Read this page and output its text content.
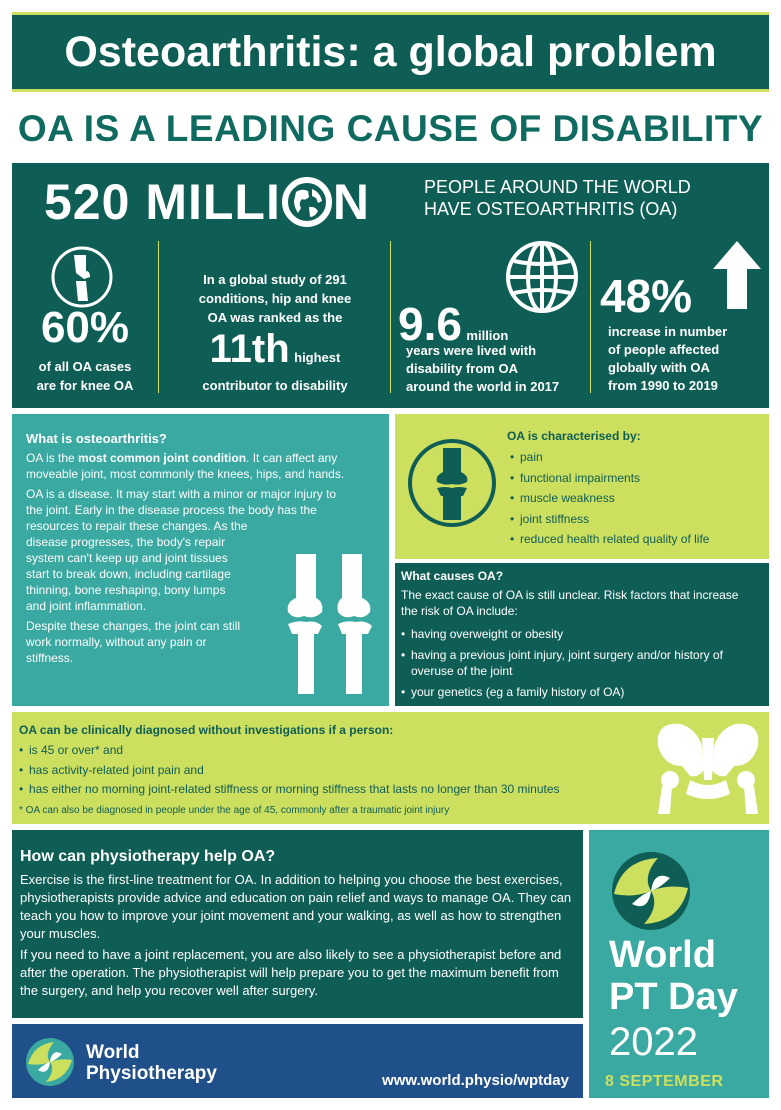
Osteoarthritis: a global problem
OA IS A LEADING CAUSE OF DISABILITY
520 MILLI N	PEOPLE AROUND THE WORLD
HAVE OSTEOARTHRITIS (OA)
60%
of all OA cases
are for knee OA
In a global study of 291
conditions, hip and knee
OA was ranked as the
11th highest
contributor to disability
9.6 million
years were lived with
disability from OA
around the world in 2017
48%
increase in number
of people affected
globally with OA
from 1990 to 2019
What is osteoarthritis?

OA is the most common joint condition. It can affect any moveable joint, most commonly the knees, hips, and hands.

OA is a disease. It may start with a minor or major injury to
the joint. Early in the disease process the body has the
resources to repair these changes. As the
disease progresses, the body's repair
system can't keep up and joint tissues
start to break down, including cartilage
thinning, bone reshaping, bony lumps
and joint inflammation.
Despite these changes, the joint can still
work normally, without any pain or
stiffness.
OA is characterised by:
• pain
• functional impairments
• muscle weakness
• joint stiffness
• reduced health related quality of life
What causes OA?
The exact cause of OA is still unclear. Risk factors that increase the risk of OA include:
• having overweight or obesity
• having a previous joint injury, joint surgery and/or history of overuse of the joint
• your genetics (eg a family history of OA)
OA can be clinically diagnosed without investigations if a person:
• is 45 or over* and
• has activity-related joint pain and
• has either no morning joint-related stiffness or morning stiffness that lasts no longer than 30 minutes
* OA can also be diagnosed in people under the age of 45, commonly after a traumatic joint injury
How can physiotherapy help OA?

Exercise is the first-line treatment for OA. In addition to helping you choose the best exercises, physiotherapists provide advice and education on pain relief and ways to manage OA. They can teach you how to improve your joint movement and your walking, as well as how to strengthen your muscles.

If you need to have a joint replacement, you are also likely to see a physiotherapist before and after the operation. The physiotherapist will help prepare you to get the maximum benefit from the surgery, and help you recover well after surgery.

World
Physiotherapy	www.world.physio/wptday
World
PT Day
2022
8 SEPTEMBER
